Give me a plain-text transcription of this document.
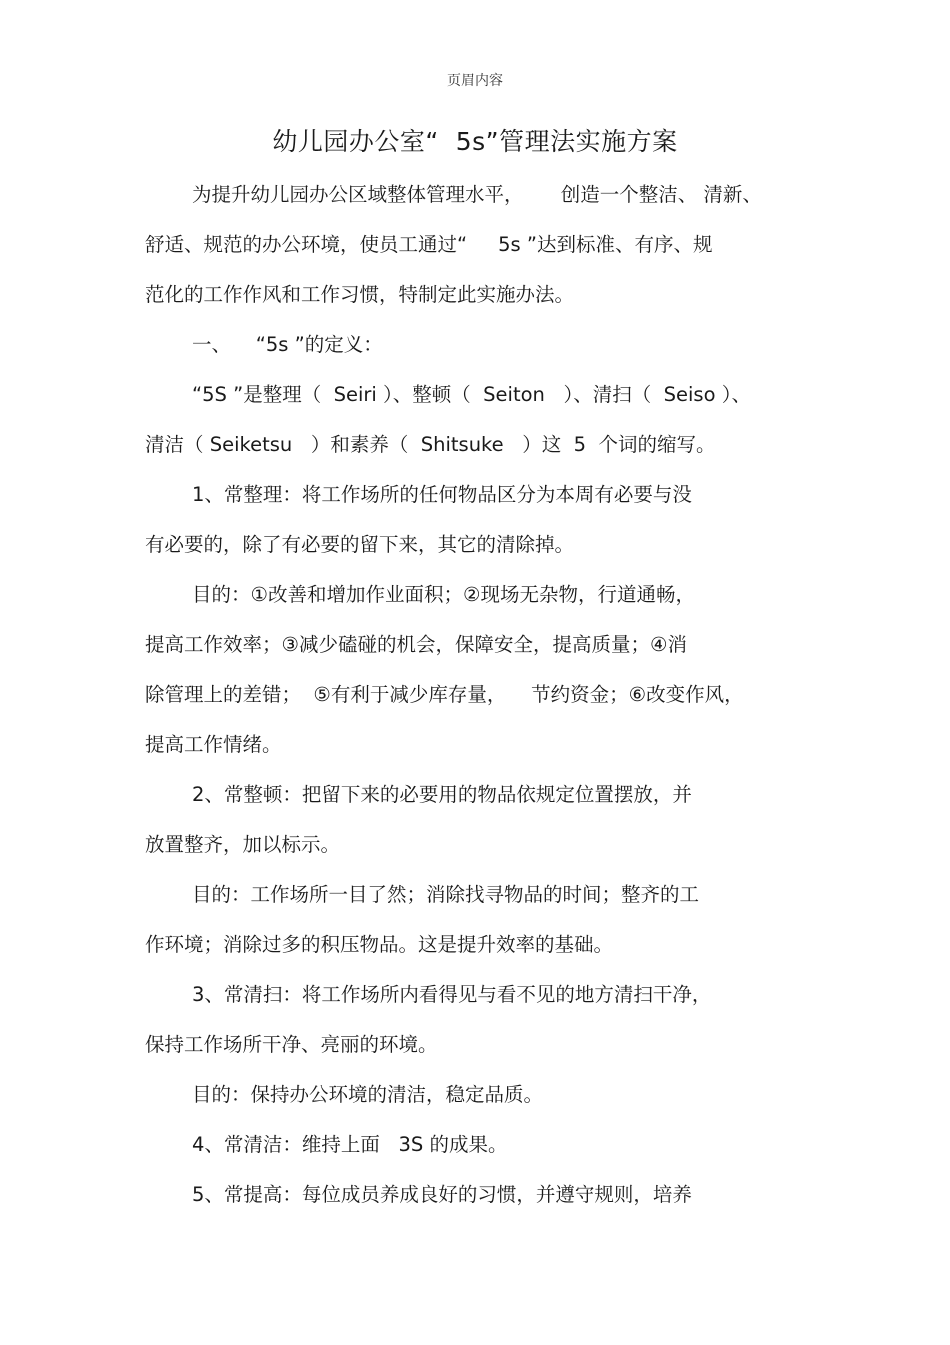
页眉内容
幼儿园办公室“  5s”管理法实施方案
为提升幼儿园办公区域整体管理水平，      创造一个整洁、 清新、
舒适、规范的办公环境，使员工通过“     5s ”达到标准、有序、规
范化的工作作风和工作习惯，特制定此实施办法。
一、    “5s ”的定义：
“5S ”是整理（  Seiri ）、整顿（  Seiton   ）、清扫（  Seiso ）、
清洁（ Seiketsu   ）和素养（  Shitsuke   ）这  5  个词的缩写。
1、常整理：将工作场所的任何物品区分为本周有必要与没
有必要的，除了有必要的留下来，其它的清除掉。
目的：①改善和增加作业面积；②现场无杂物，行道通畅，
提高工作效率；③减少磕碰的机会，保障安全，提高质量；④消
除管理上的差错；  ⑤有利于减少库存量，    节约资金；⑥改变作风，
提高工作情绪。
2、常整顿：把留下来的必要用的物品依规定位置摆放，并
放置整齐，加以标示。
目的：工作场所一目了然；消除找寻物品的时间；整齐的工
作环境；消除过多的积压物品。这是提升效率的基础。
3、常清扫：将工作场所内看得见与看不见的地方清扫干净，
保持工作场所干净、亮丽的环境。
目的：保持办公环境的清洁，稳定品质。
4、常清洁：维持上面   3S 的成果。
5、常提高：每位成员养成良好的习惯，并遵守规则，培养
